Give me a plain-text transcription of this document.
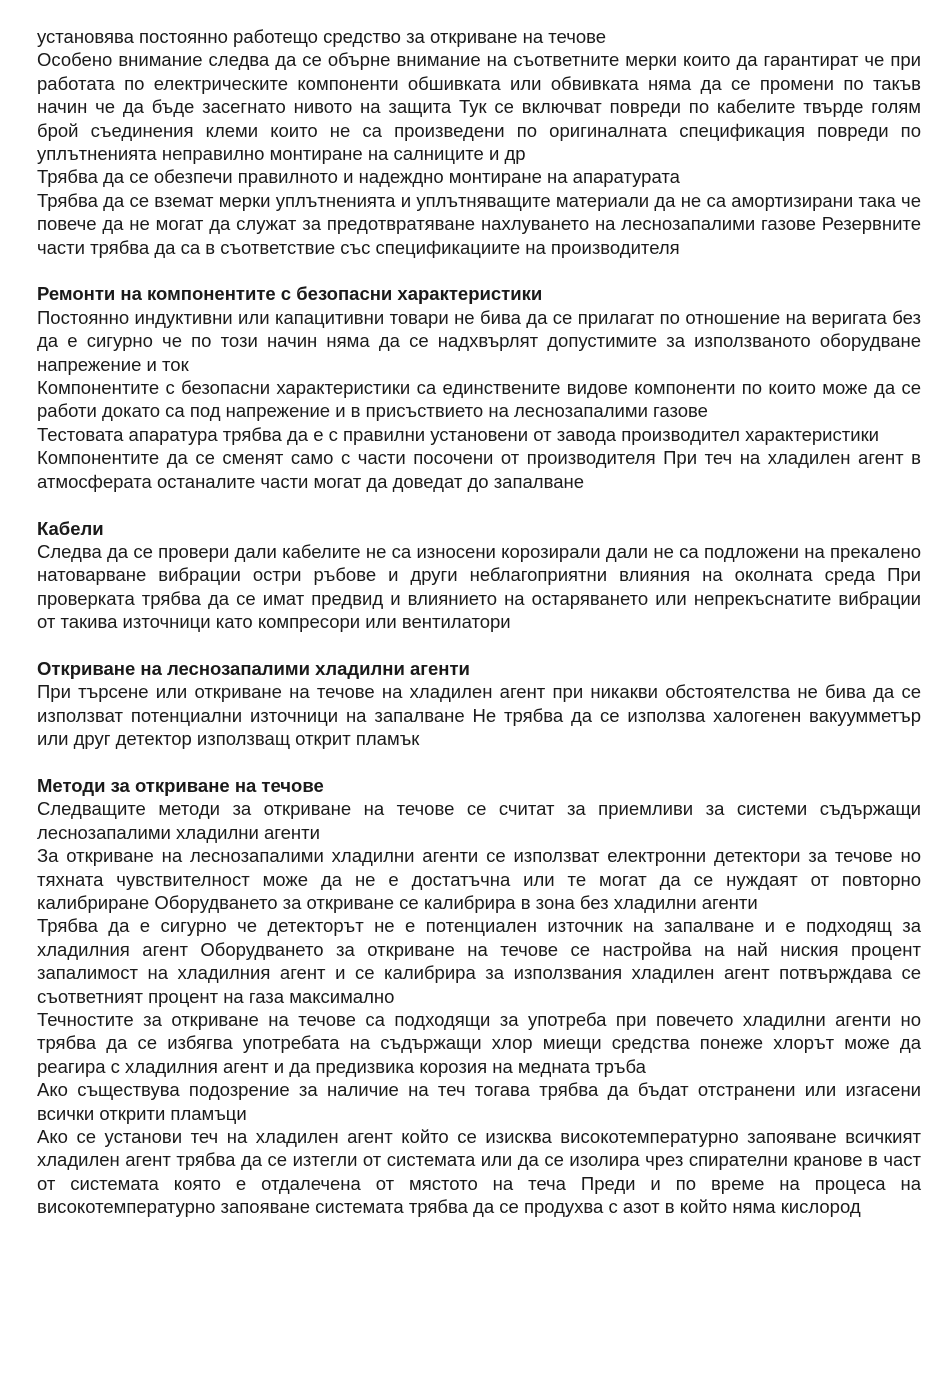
установява постоянно работещо средство за откриване на течове

Особено внимание следва да се обърне внимание на съответните мерки които да гарантират че при работата по електрическите компоненти обшивката или обвивката няма да се промени по такъв начин че да бъде засегнато нивото на защита Тук се включват повреди по кабелите твърде голям брой съединения клеми които не са произведени по оригиналната спецификация повреди по уплътненията неправилно монтиране на салниците и др

Трябва да се обезпечи правилното и надеждно монтиране на апаратурата

Трябва да се вземат мерки уплътненията и уплътняващите материали да не са амортизирани така че повече да не могат да служат за предотвратяване нахлуването на леснозапалими газове Резервните части трябва да са в съответствие със спецификациите на производителя

Ремонти на компонентите с безопасни характеристики

Постоянно индуктивни или капацитивни товари не бива да се прилагат по отношение на веригата без да е сигурно че по този начин няма да се надхвърлят допустимите за използваното оборудване напрежение и ток

Компонентите с безопасни характеристики са единствените видове компоненти по които може да се работи докато са под напрежение и в присъствието на леснозапалими газове

Тестовата апаратура трябва да е с правилни установени от завода производител характеристики

Компонентите да се сменят само с части посочени от производителя При теч на хладилен агент в атмосферата останалите части могат да доведат до запалване

Кабели

Следва да се провери дали кабелите не са износени корозирали дали не са подложени на прекалено натоварване вибрации остри ръбове и други неблагоприятни влияния на околната среда При проверката трябва да се имат предвид и влиянието на остаряването или непрекъснатите вибрации от такива източници като компресори или вентилатори

Откриване на леснозапалими хладилни агенти

При търсене или откриване на течове на хладилен агент при никакви обстоятелства не бива да се използват потенциални източници на запалване Не трябва да се използва халогенен вакуумметър или друг детектор използващ открит пламък

Методи за откриване на течове

Следващите методи за откриване на течове се считат за приемливи за системи съдържащи леснозапалими хладилни агенти

За откриване на леснозапалими хладилни агенти се използват електронни детектори за течове но тяхната чувствителност може да не е достатъчна или те могат да се нуждаят от повторно калибриране Оборудването за откриване се калибрира в зона без хладилни агенти

Трябва да е сигурно че детекторът не е потенциален източник на запалване и е подходящ за хладилния агент Оборудването за откриване на течове се настройва на най ниския процент запалимост на хладилния агент и се калибрира за използвания хладилен агент потвърждава се съответният процент на газа максимално

Течностите за откриване на течове са подходящи за употреба при повечето хладилни агенти но трябва да се избягва употребата на съдържащи хлор миещи средства понеже хлорът може да реагира с хладилния агент и да предизвика корозия на медната тръба

Ако съществува подозрение за наличие на теч тогава трябва да бъдат отстранени или изгасени всички открити пламъци

Ако се установи теч на хладилен агент който се изисква високотемпературно запояване всичкият хладилен агент трябва да се изтегли от системата или да се изолира чрез спирателни кранове в част от системата която е отдалечена от мястото на теча Преди и по време на процеса на високотемпературно запояване системата трябва да се продухва с азот в който няма кислород
